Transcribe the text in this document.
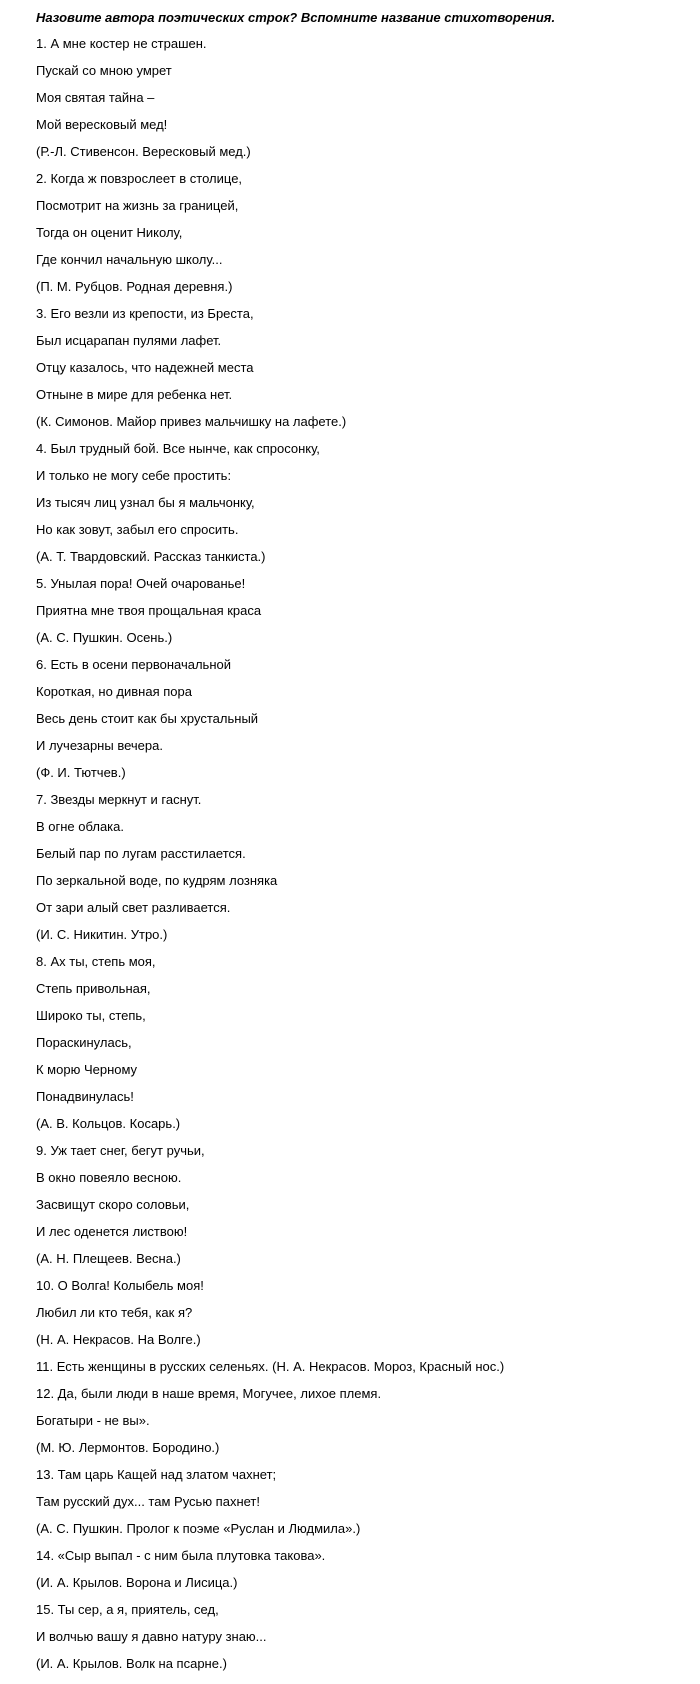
Назовите автора поэтических строк? Вспомните название стихотворения.
1. А мне костер не страшен.
Пускай со мною умрет
Моя святая тайна –
Мой вересковый мед!
(Р.-Л. Стивенсон. Вересковый мед.)
2. Когда ж повзрослеет в столице,
Посмотрит на жизнь за границей,
Тогда он оценит Николу,
Где кончил начальную школу...
(П. М. Рубцов. Родная деревня.)
3. Его везли из крепости, из Бреста,
Был исцарапан пулями лафет.
Отцу казалось, что надежней места
Отныне в мире для ребенка нет.
(К. Симонов. Майор привез мальчишку на лафете.)
4. Был трудный бой. Все нынче, как спросонку,
И только не могу себе простить:
Из тысяч лиц узнал бы я мальчонку,
Но как зовут, забыл его спросить.
(А. Т. Твардовский. Рассказ танкиста.)
5. Унылая пора! Очей очарованье!
Приятна мне твоя прощальная краса
(А. С. Пушкин. Осень.)
6. Есть в осени первоначальной
Короткая, но дивная пора
Весь день стоит как бы хрустальный
И лучезарны вечера.
(Ф. И. Тютчев.)
7. Звезды меркнут и гаснут.
В огне облака.
Белый пар по лугам расстилается.
По зеркальной воде, по кудрям лозняка
От зари алый свет разливается.
(И. С. Никитин. Утро.)
8. Ах ты, степь моя,
Степь привольная,
Широко ты, степь,
Пораскинулась,
К морю Черному
Понадвинулась!
(А. В. Кольцов. Косарь.)
9. Уж тает снег, бегут ручьи,
В окно повеяло весною.
Засвищут скоро соловьи,
И лес оденется листвою!
(А. Н. Плещеев. Весна.)
10. О Волга! Колыбель моя!
Любил ли кто тебя, как я?
(Н. А. Некрасов. На Волге.)
11. Есть женщины в русских селеньях. (Н. А. Некрасов. Мороз, Красный нос.)
12. Да, были люди в наше время, Могучее, лихое племя.
Богатыри - не вы».
(М. Ю. Лермонтов. Бородино.)
13. Там царь Кащей над златом чахнет;
Там русский дух... там Русью пахнет!
(А. С. Пушкин. Пролог к поэме «Руслан и Людмила».)
14. «Сыр выпал - с ним была плутовка такова».
(И. А. Крылов. Ворона и Лисица.)
15. Ты сер, а я, приятель, сед,
И волчью вашу я давно натуру знаю...
(И. А. Крылов. Волк на псарне.)
